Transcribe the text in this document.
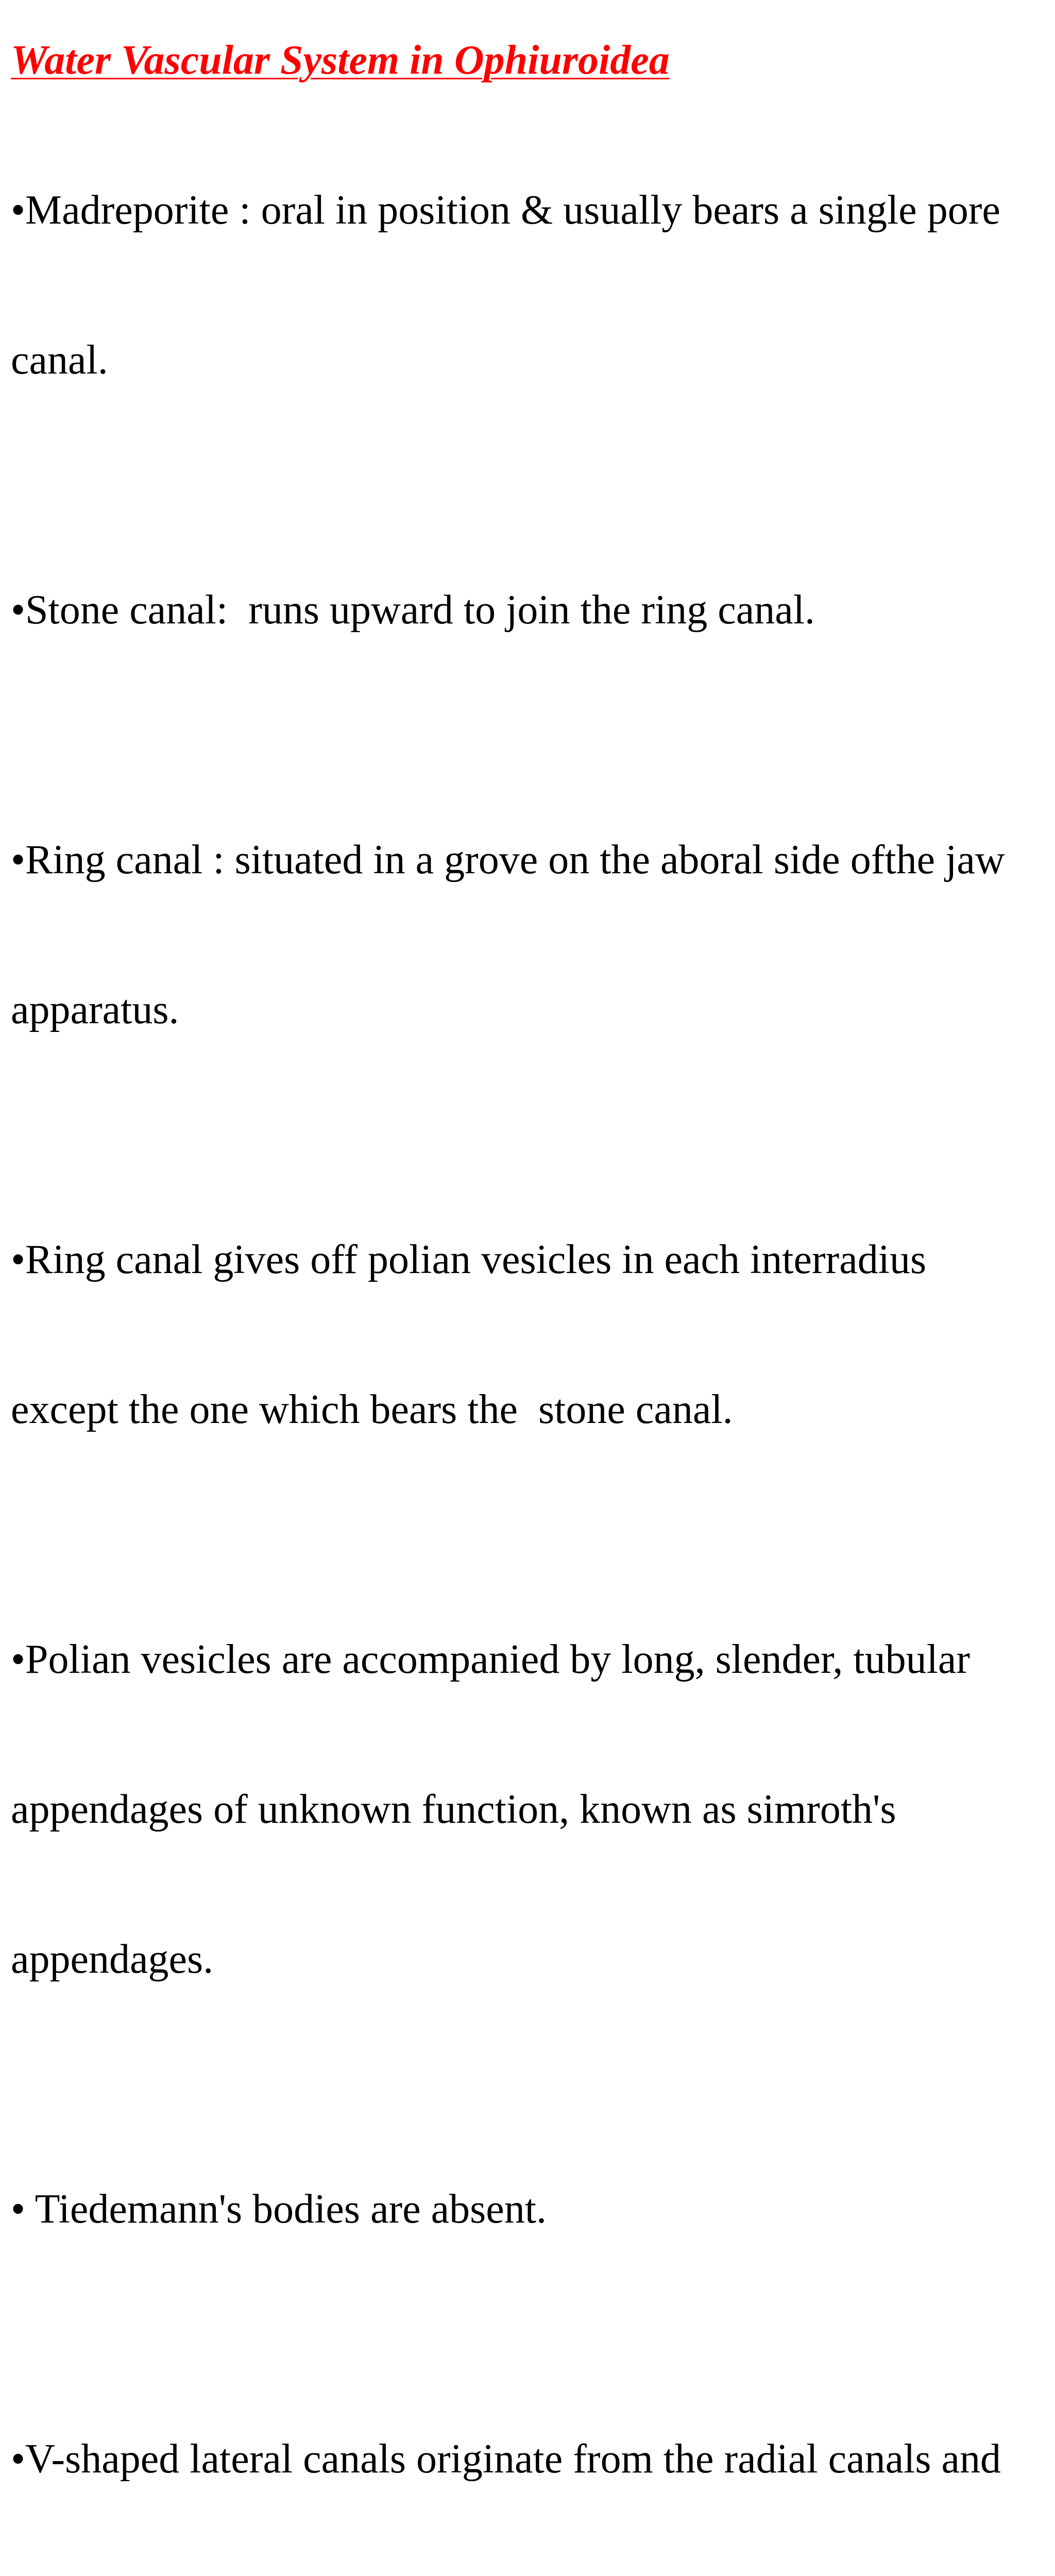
Water Vascular System in Ophiuroidea

•Madreporite : oral in position & usually bears a single pore

canal.

•Stone canal:  runs upward to join the ring canal.

•Ring canal : situated in a grove on the aboral side ofthe jaw

apparatus.

•Ring canal gives off polian vesicles in each interradius

except the one which bears the  stone canal.

•Polian vesicles are accompanied by long, slender, tubular

appendages of unknown function, known as simroth's

appendages.

• Tiedemann's bodies are absent.

•V-shaped lateral canals originate from the radial canals and
